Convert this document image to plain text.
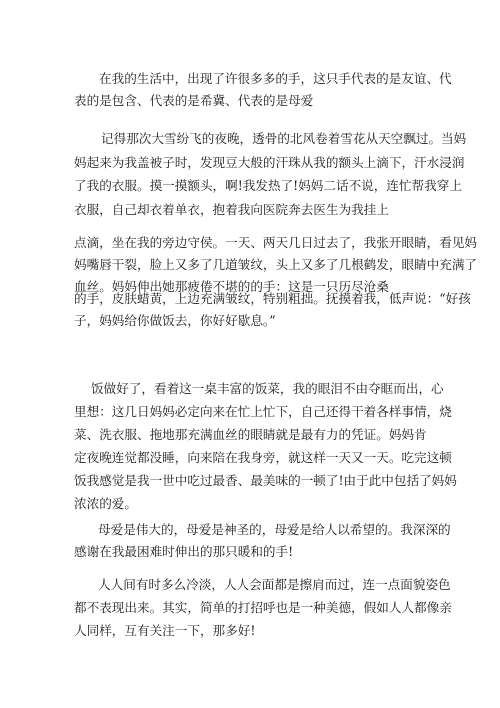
在我的生活中，出现了许很多多的手，这只手代表的是友谊、代
表的是包含、代表的是希冀、代表的是母爱
记得那次大雪纷飞的夜晚，透骨的北风卷着雪花从天空飘过。当妈
妈起来为我盖被子时，发现豆大般的汗珠从我的额头上滴下，汗水浸润
了我的衣服。摸一摸额头，啊!我发热了!妈妈二话不说，连忙帮我穿上
衣服，自己却衣着单衣，抱着我向医院奔去医生为我挂上
点滴，坐在我的旁边守侯。一天、两天几日过去了，我张开眼睛，看见妈
妈嘴唇干裂，脸上又多了几道皱纹，头上又多了几根鹤发，眼睛中充满了
血丝。妈妈伸出她那疲倦不堪的的手：这是一只历尽沧桑
的手，皮肤蜡黄，上边充满皱纹，特别粗拙。抚摸着我，低声说：“好孩
子，妈妈给你做饭去，你好好歇息。”
饭做好了，看着这一桌丰富的饭菜，我的眼泪不由夺眶而出，心
里想：这几日妈妈必定向来在忙上忙下，自己还得干着各样事情，烧
菜、洗衣服、拖地那充满血丝的眼睛就是最有力的凭证。妈妈肯
定夜晚连觉都没睡，向来陪在我身旁，就这样一天又一天。吃完这顿
饭我感觉是我一世中吃过最香、最美味的一顿了!由于此中包括了妈妈
浓浓的爱。
母爱是伟大的，母爱是神圣的，母爱是给人以希望的。我深深的
感谢在我最困难时伸出的那只暖和的手!
人人间有时多么冷淡，人人会面都是擦肩而过，连一点面貌姿色
都不表现出来。其实，简单的打招呼也是一种美德，假如人人都像亲
人同样，互有关注一下，那多好!
